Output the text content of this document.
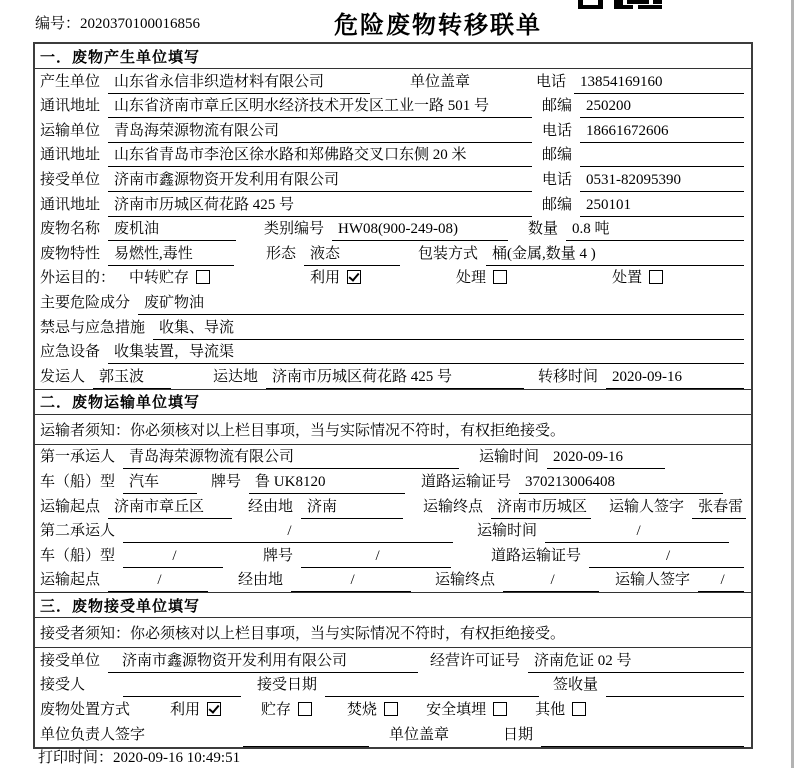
编号：2020370100016856	危险废物转移联单
一．废物产生单位填写
产生单位 山东省永信非织造材料有限公司	单位盖章	电话 13854169160
通讯地址 山东省济南市章丘区明水经济技术开发区工业一路 501 号	邮编 250200
运输单位 青岛海荣源物流有限公司	电话 18661672606
通讯地址 山东省青岛市李沧区徐水路和郑佛路交叉口东侧 20 米	邮编
接受单位 济南市鑫源物资开发利用有限公司	电话 0531-82095390
通讯地址 济南市历城区荷花路 425 号	邮编 250101
废物名称 废机油	类别编号 HW08(900-249-08)	数量 0.8 吨
废物特性 易燃性,毒性	形态 液态	包装方式 桶(金属,数量 4 )
外运目的： 中转贮存	利用	处理	处置
主要危险成分 废矿物油
禁忌与应急措施 收集、导流
应急设备 收集装置，导流渠
发运人 郭玉波	运达地 济南市历城区荷花路 425 号	转移时间 2020-09-16
二．废物运输单位填写
运输者须知：你必须核对以上栏目事项，当与实际情况不符时，有权拒绝接受。
第一承运人 青岛海荣源物流有限公司	运输时间 2020-09-16
车（船）型 汽车	牌号 鲁 UK8120	道路运输证号 370213006408
运输起点 济南市章丘区	经由地 济南	运输终点 济南市历城区 运输人签字 张春雷
第二承运人	/	运输时间	/
车（船）型	/	牌号	/	道路运输证号	/
运输起点	/	经由地	/	运输终点	/	运输人签字	/
三．废物接受单位填写
接受者须知：你必须核对以上栏目事项，当与实际情况不符时，有权拒绝接受。
接受单位	济南市鑫源物资开发利用有限公司	经营许可证号 济南危证 02 号
接受人	接受日期	签收量
废物处置方式	利用	贮存	焚烧	安全填埋	其他
单位负责人签字	单位盖章	日期
打印时间：2020-09-16 10:49:51
